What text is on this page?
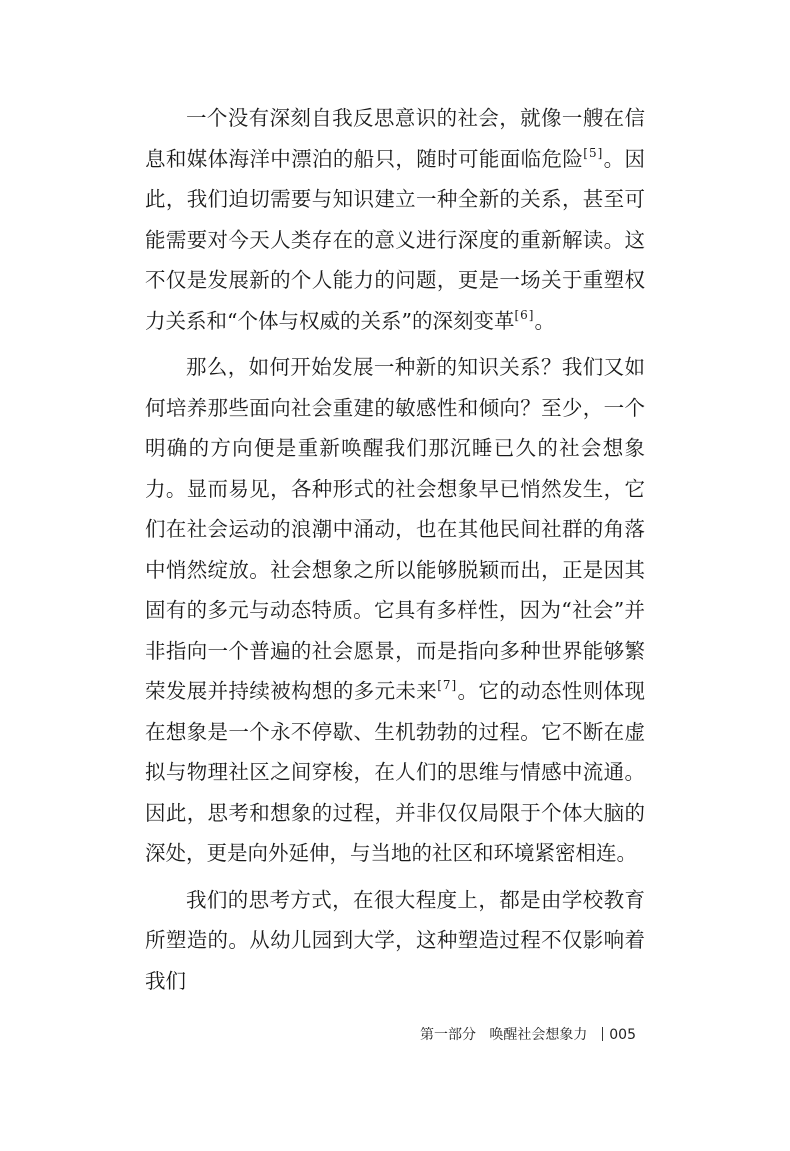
一个没有深刻自我反思意识的社会，就像一艘在信息和媒体海洋中漂泊的船只，随时可能面临危险[5]。因此，我们迫切需要与知识建立一种全新的关系，甚至可能需要对今天人类存在的意义进行深度的重新解读。这不仅是发展新的个人能力的问题，更是一场关于重塑权力关系和“个体与权威的关系”的深刻变革[6]。

那么，如何开始发展一种新的知识关系？我们又如何培养那些面向社会重建的敏感性和倾向？至少，一个明确的方向便是重新唤醒我们那沉睡已久的社会想象力。显而易见，各种形式的社会想象早已悄然发生，它们在社会运动的浪潮中涌动，也在其他民间社群的角落中悄然绽放。社会想象之所以能够脱颖而出，正是因其固有的多元与动态特质。它具有多样性，因为“社会”并非指向一个普遍的社会愿景，而是指向多种世界能够繁荣发展并持续被构想的多元未来[7]。它的动态性则体现在想象是一个永不停歇、生机勃勃的过程。它不断在虚拟与物理社区之间穿梭，在人们的思维与情感中流通。因此，思考和想象的过程，并非仅仅局限于个体大脑的深处，更是向外延伸，与当地的社区和环境紧密相连。

我们的思考方式，在很大程度上，都是由学校教育所塑造的。从幼儿园到大学，这种塑造过程不仅影响着我们

第一部分 唤醒社会想象力 005
